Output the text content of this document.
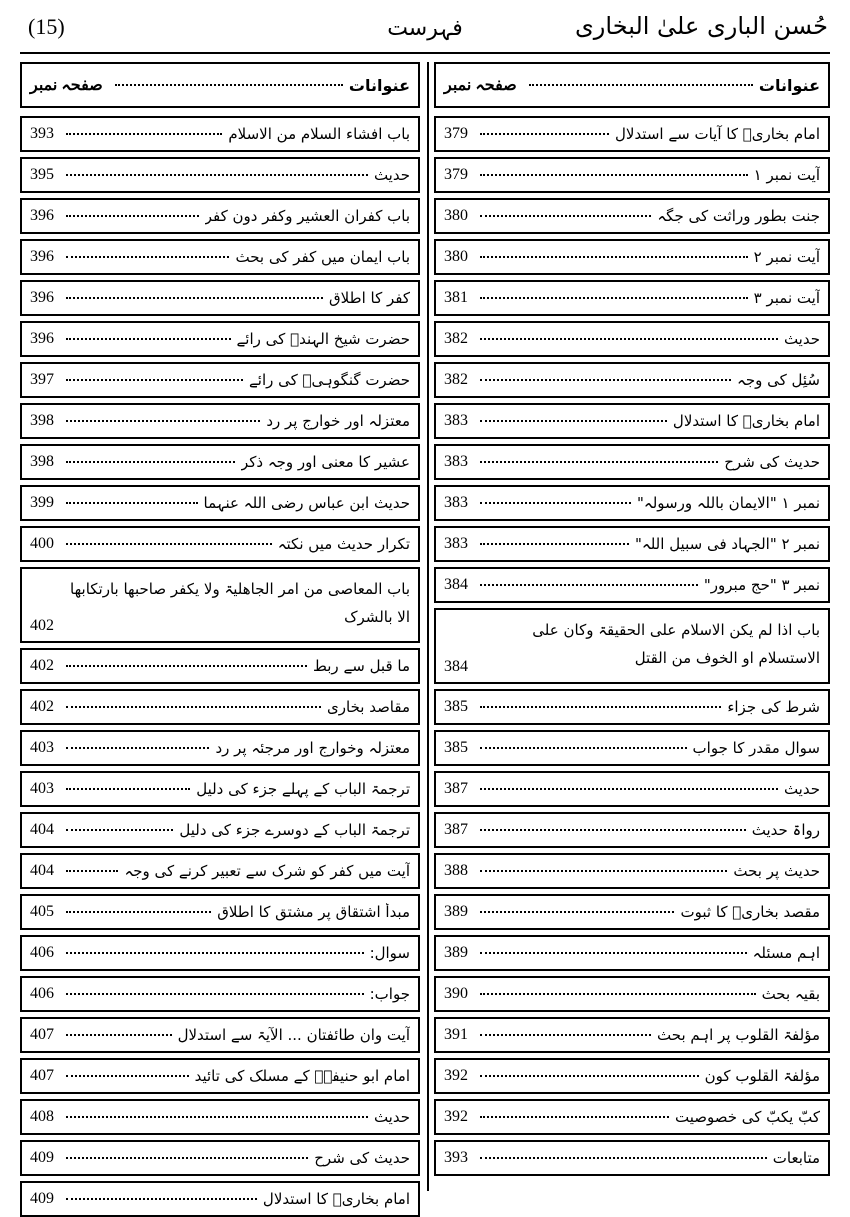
(15)	فہرست	حُسن الباری علیٰ البخاری
عنوانات
صفحہ نمبر
باب افشاء السلام من الاسلام
393
حدیث
395
باب کفران العشیر وکفر دون کفر
396
باب ایمان میں کفر کی بحث
396
کفر کا اطلاق
396
حضرت شیخ الہندؒ کی رائے
396
حضرت گنگوہیؒ کی رائے
397
معتزلہ اور خوارج پر رد
398
عشیر کا معنی اور وجہ ذکر
398
حدیث ابن عباس رضی اللہ عنہما
399
تکرار حدیث میں نکتہ
400
باب المعاصی من امر الجاھلیۃ ولا یکفر صاحبھا بارتکابھا الا بالشرک
402
ما قبل سے ربط
402
مقاصد بخاری
402
معتزلہ وخوارج اور مرجئہ پر رد
403
ترجمۃ الباب کے پہلے جزء کی دلیل
403
ترجمۃ الباب کے دوسرے جزء کی دلیل
404
آیت میں کفر کو شرک سے تعبیر کرنے کی وجہ
404
مبدأ اشتقاق پر مشتق کا اطلاق
405
سوال:
406
جواب:
406
آیت وان طائفتان ... الآیۃ سے استدلال
407
امام ابو حنیفہؒ کے مسلک کی تائید
407
حدیث
408
حدیث کی شرح
409
امام بخاریؒ کا استدلال
409
عنوانات
صفحہ نمبر
امام بخاریؒ کا آیات سے استدلال
379
آیت نمبر ۱
379
جنت بطور وراثت کی جگہ
380
آیت نمبر ۲
380
آیت نمبر ۳
381
حدیث
382
سُئِل کی وجہ
382
امام بخاریؒ کا استدلال
383
حدیث کی شرح
383
نمبر ۱ "الایمان باللہ ورسولہ"
383
نمبر ۲ "الجہاد فی سبیل اللہ"
383
نمبر ۳ "حج مبرور"
384
باب اذا لم یکن الاسلام علی الحقیقۃ وکان علی الاستسلام او الخوف من القتل
384
شرط کی جزاء
385
سوال مقدر کا جواب
385
حدیث
387
رواۃ حدیث
387
حدیث پر بحث
388
مقصد بخاریؒ کا ثبوت
389
اہم مسئلہ
389
بقیہ بحث
390
مؤلفۃ القلوب پر اہم بحث
391
مؤلفۃ القلوب کون
392
کبّ یکبّ کی خصوصیت
392
متابعات
393
